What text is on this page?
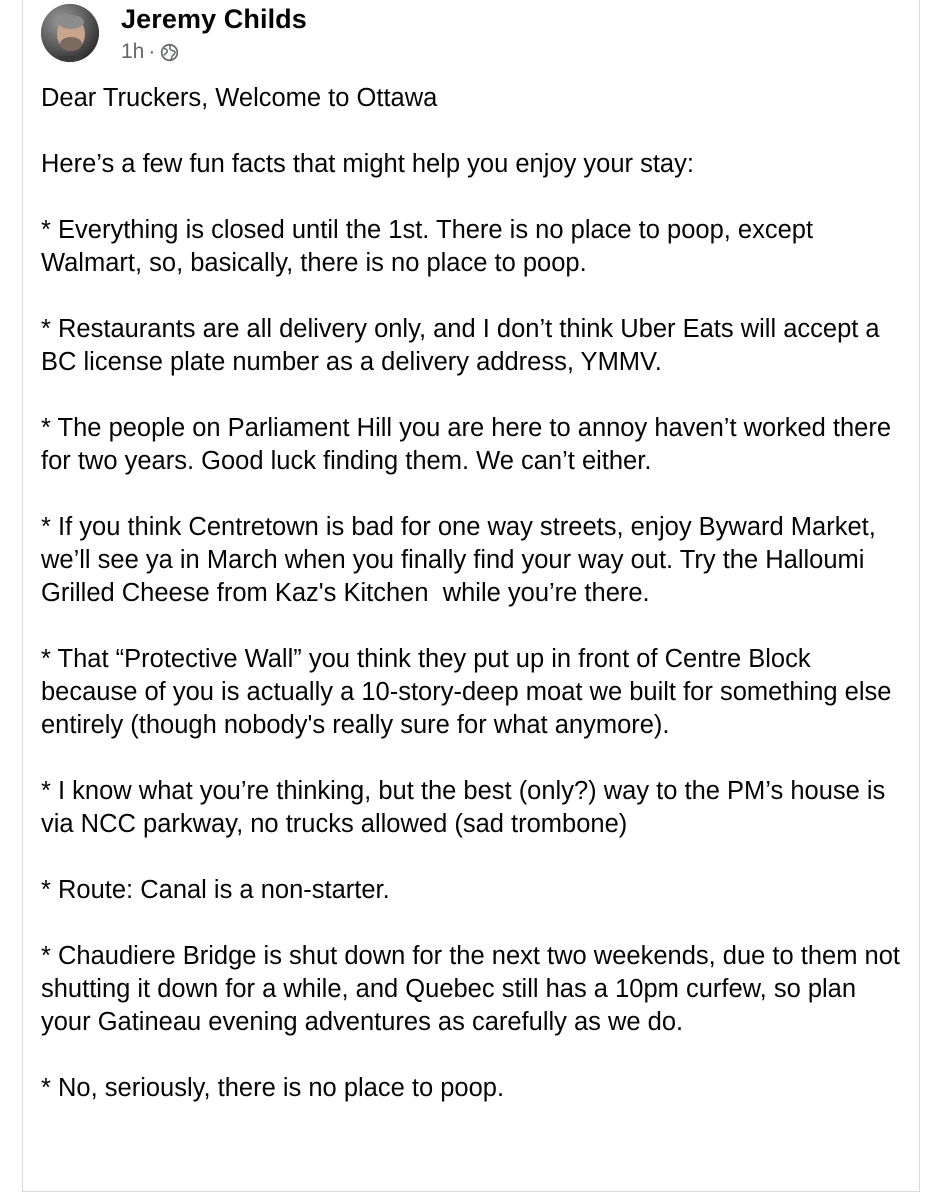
Jeremy Childs
1h ·

Dear Truckers, Welcome to Ottawa

Here’s a few fun facts that might help you enjoy your stay:

* Everything is closed until the 1st. There is no place to poop, except Walmart, so, basically, there is no place to poop.

* Restaurants are all delivery only, and I don’t think Uber Eats will accept a BC license plate number as a delivery address, YMMV.

* The people on Parliament Hill you are here to annoy haven’t worked there for two years. Good luck finding them. We can’t either.

* If you think Centretown is bad for one way streets, enjoy Byward Market, we’ll see ya in March when you finally find your way out. Try the Halloumi Grilled Cheese from Kaz's Kitchen  while you’re there.

* That “Protective Wall” you think they put up in front of Centre Block because of you is actually a 10-story-deep moat we built for something else entirely (though nobody's really sure for what anymore).

* I know what you’re thinking, but the best (only?) way to the PM’s house is via NCC parkway, no trucks allowed (sad trombone)

* Route: Canal is a non-starter.

* Chaudiere Bridge is shut down for the next two weekends, due to them not shutting it down for a while, and Quebec still has a 10pm curfew, so plan your Gatineau evening adventures as carefully as we do.

* No, seriously, there is no place to poop.
